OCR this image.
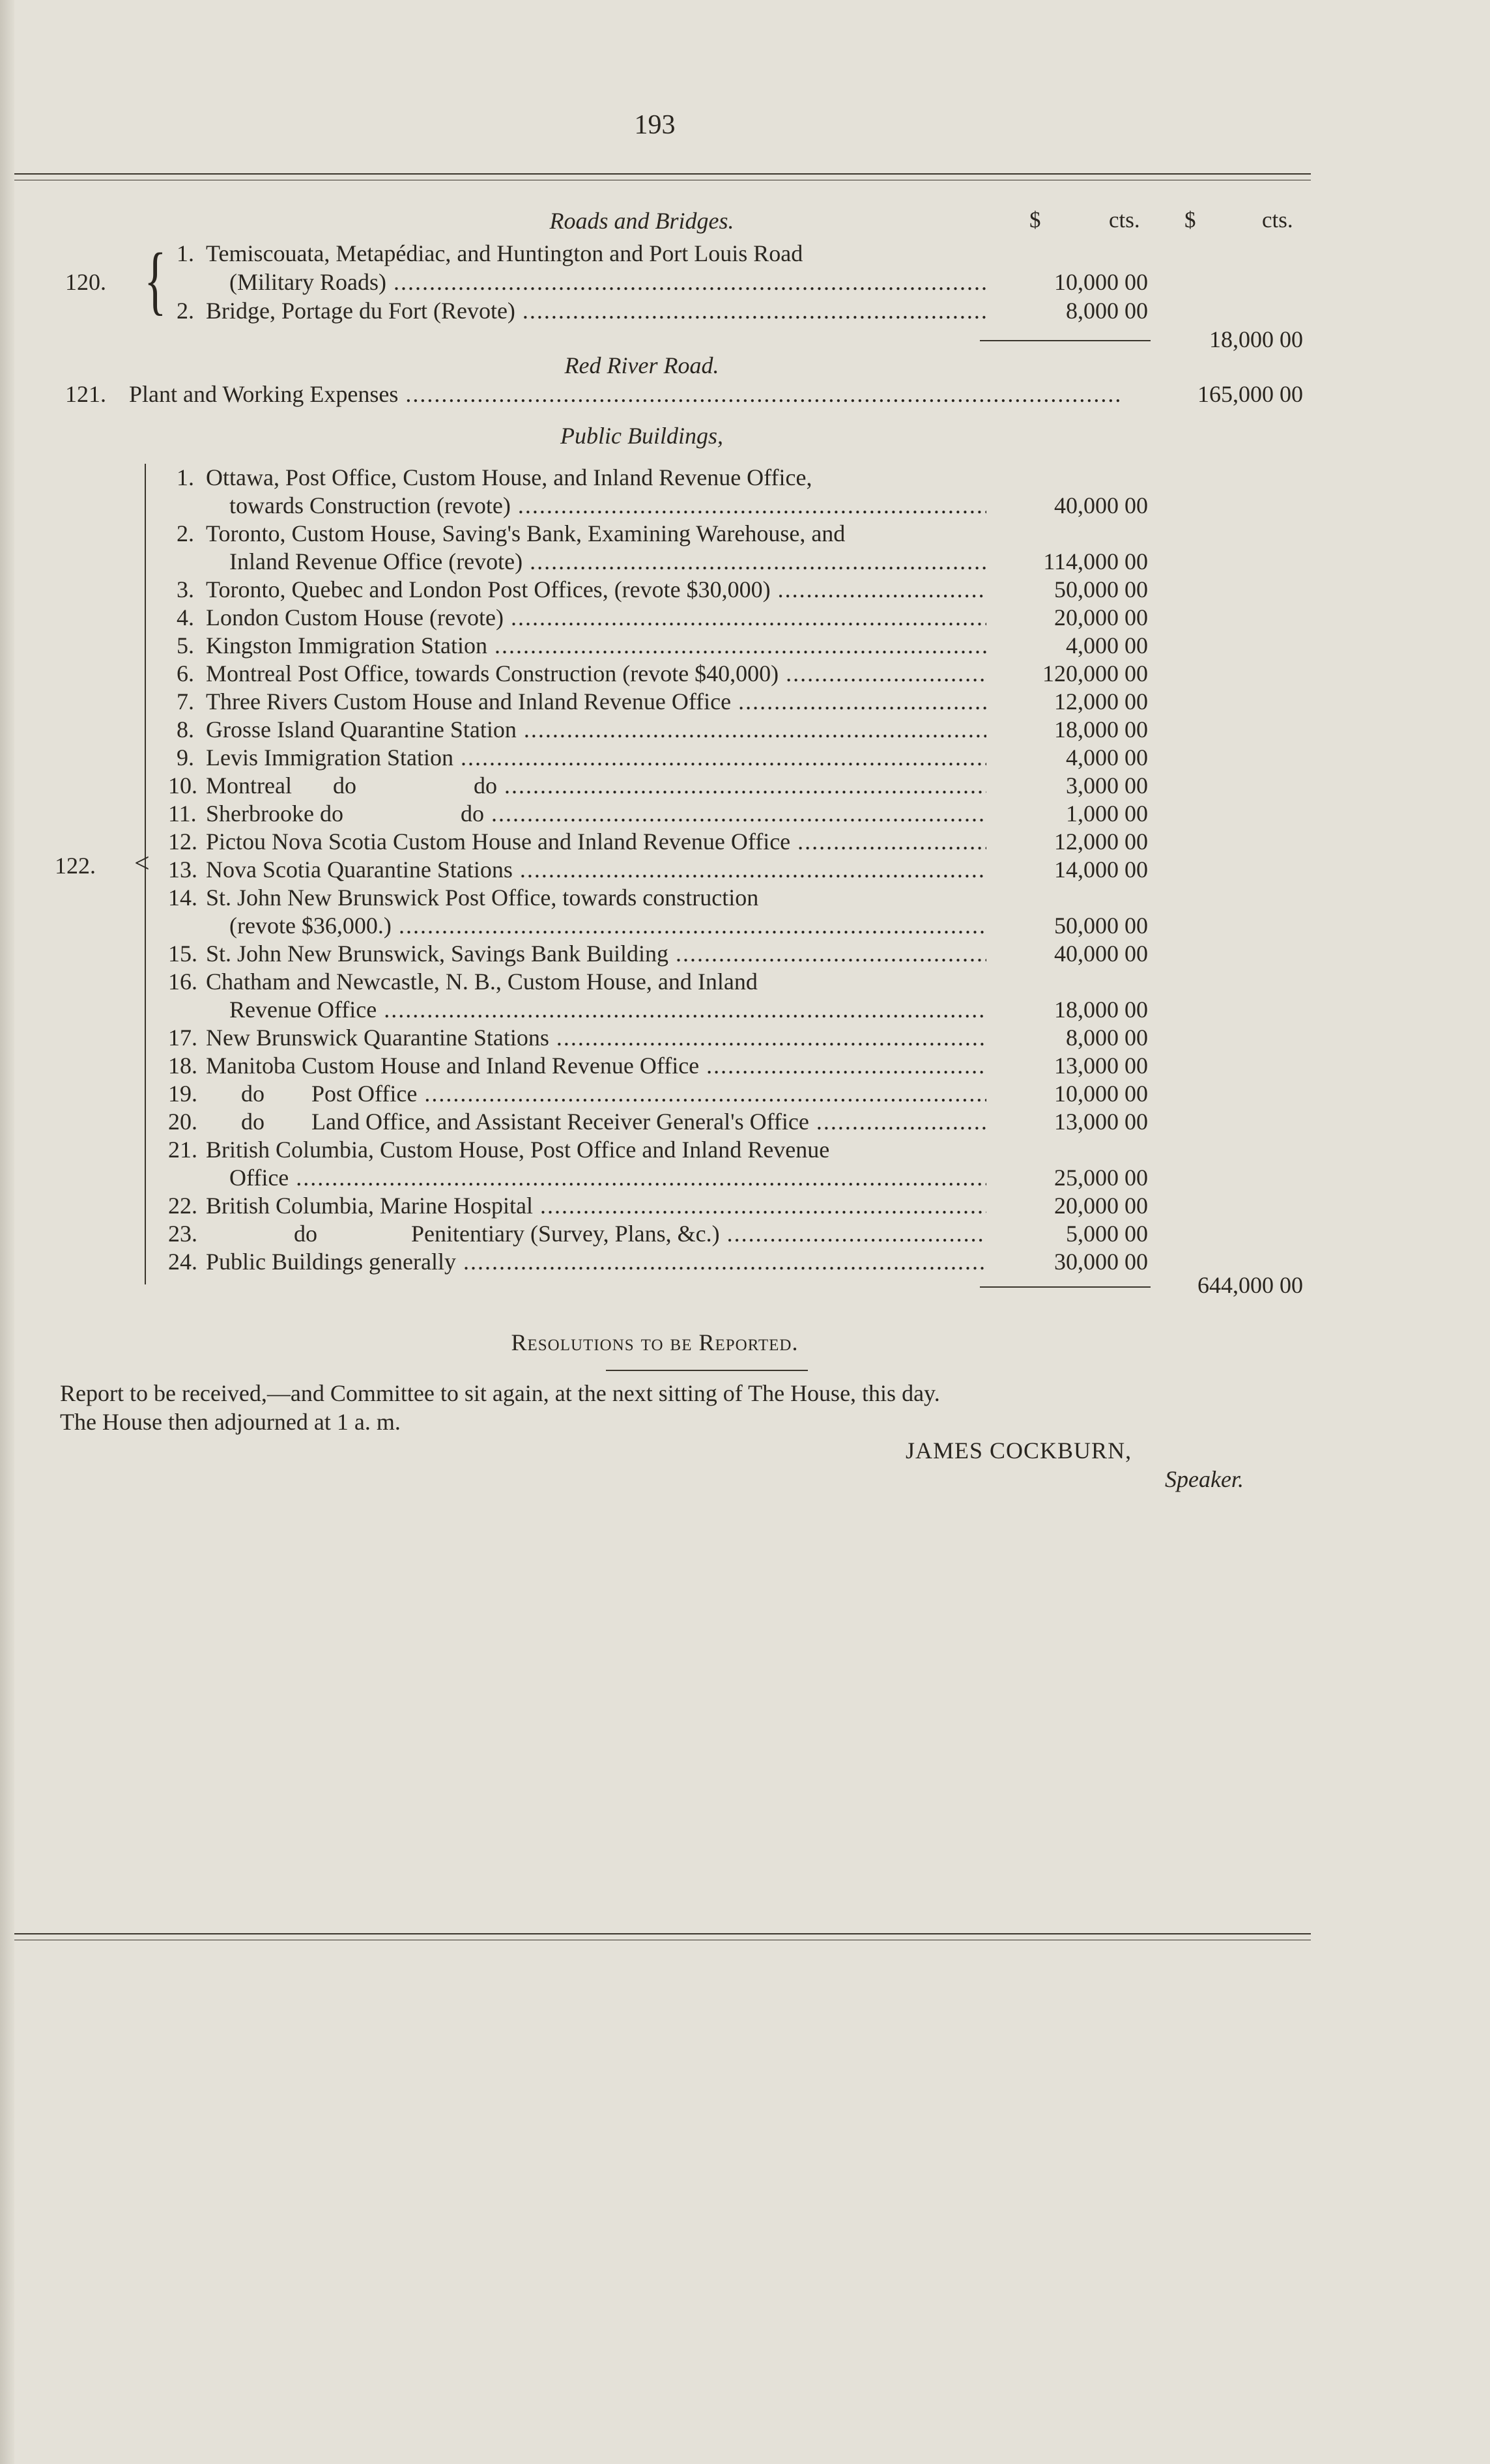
193
$	cts. $	cts.
Roads and Bridges.
120. { 1. Temiscouata, Metapédiac, and Huntington and Port Louis Road
(Military Roads) .....	10,000 00
2. Bridge, Portage du Fort (Revote) .....	8,000 00
18,000 00
Red River Road.
121. Plant and Working Expenses .....	165,000 00
Public Buildings,
122. <
1. Ottawa, Post Office, Custom House, and Inland Revenue Office,
towards Construction (revote) .....	40,000 00
2. Toronto, Custom House, Saving's Bank, Examining Warehouse, and
Inland Revenue Office (revote) .....	114,000 00
3. Toronto, Quebec and London Post Offices, (revote $30,000) .....	50,000 00
4. London Custom House (revote) .....	20,000 00
5. Kingston Immigration Station .....	4,000 00
6. Montreal Post Office, towards Construction (revote $40,000) .....	120,000 00
7. Three Rivers Custom House and Inland Revenue Office .....	12,000 00
8. Grosse Island Quarantine Station .....	18,000 00
9. Levis Immigration Station .....	4,000 00
10. Montreal       do                    do .....	3,000 00
11. Sherbrooke do                    do .....	1,000 00
12. Pictou Nova Scotia Custom House and Inland Revenue Office .....	12,000 00
13. Nova Scotia Quarantine Stations .....	14,000 00
14. St. John New Brunswick Post Office, towards construction
(revote $36,000.) .....	50,000 00
15. St. John New Brunswick, Savings Bank Building .....	40,000 00
16. Chatham and Newcastle, N. B., Custom House, and Inland
Revenue Office .....	18,000 00
17. New Brunswick Quarantine Stations .....	8,000 00
18. Manitoba Custom House and Inland Revenue Office .....	13,000 00
19. do        Post Office .....	10,000 00
20. do        Land Office, and Assistant Receiver General's Office .....	13,000 00
21. British Columbia, Custom House, Post Office and Inland Revenue
Office .....	25,000 00
22. British Columbia, Marine Hospital .....	20,000 00
23. do                Penitentiary (Survey, Plans, &c.) .....	5,000 00
24. Public Buildings generally .....	30,000 00
644,000 00
Resolutions to be Reported.
Report to be received,—and Committee to sit again, at the next sitting of The House, this day.
The House then adjourned at 1 a. m.
JAMES COCKBURN,
Speaker.
